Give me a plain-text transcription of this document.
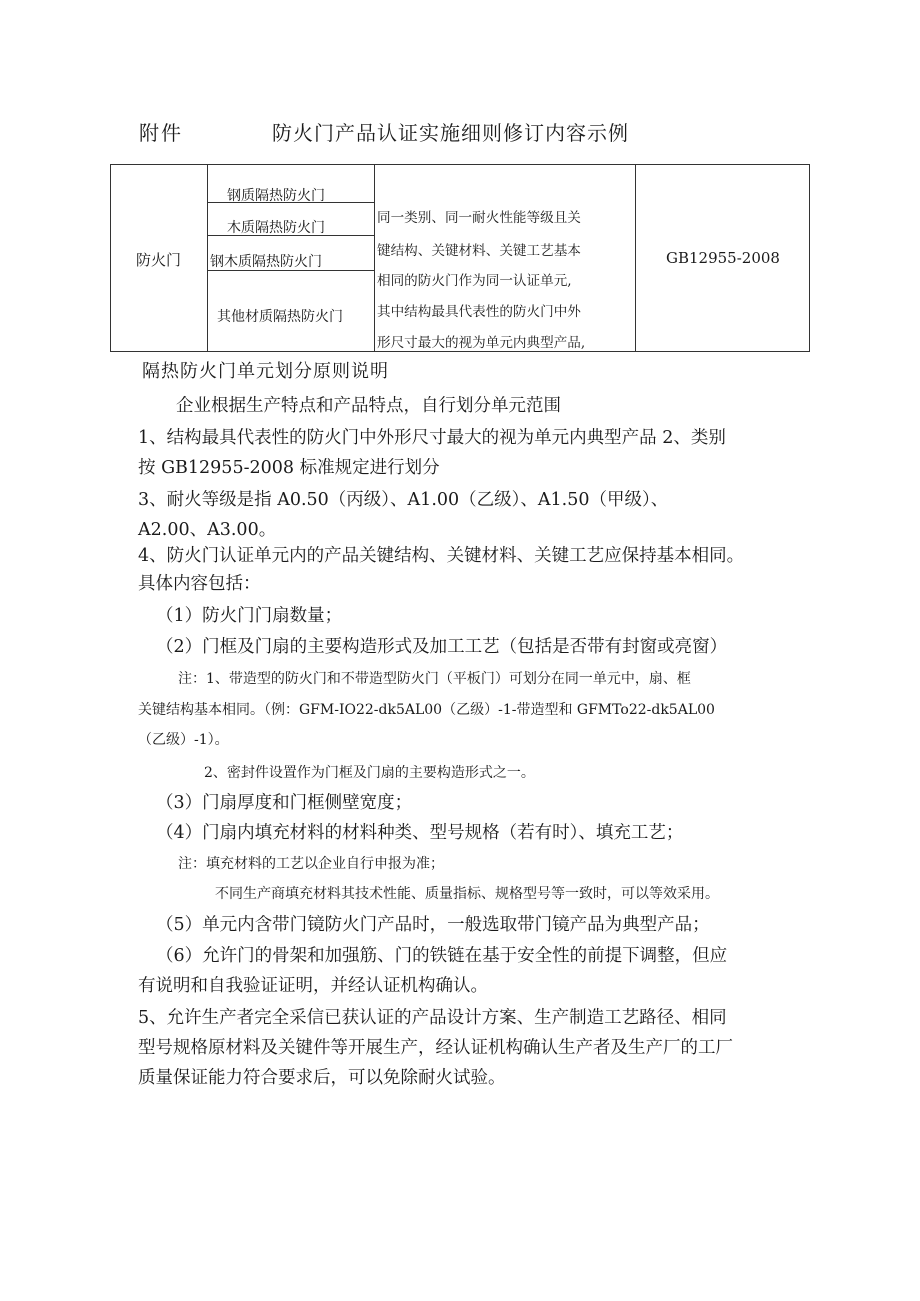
附件	防火门产品认证实施细则修订内容示例
防火门
钢质隔热防火门
木质隔热防火门
钢木质隔热防火门
其他材质隔热防火门
同一类别、同一耐火性能等级且关
键结构、关键材料、关键工艺基本
相同的防火门作为同一认证单元,
其中结构最具代表性的防火门中外
形尺寸最大的视为单元内典型产品,
GB12955-2008
隔热防火门单元划分原则说明
企业根据生产特点和产品特点，自行划分单元范围
1、结构最具代表性的防火门中外形尺寸最大的视为单元内典型产品 2、类别
按 GB12955-2008 标准规定进行划分
3、耐火等级是指 A0.50（丙级）、A1.00（乙级）、A1.50（甲级）、
A2.00、A3.00。
4、防火门认证单元内的产品关键结构、关键材料、关键工艺应保持基本相同。
具体内容包括：
（1）防火门门扇数量；
（2）门框及门扇的主要构造形式及加工工艺（包括是否带有封窗或亮窗）
注：1、带造型的防火门和不带造型防火门（平板门）可划分在同一单元中，扇、框
关键结构基本相同。（例：GFM-IO22-dk5AL00（乙级）-1-带造型和 GFMTo22-dk5AL00
（乙级）-1）。
2、密封件设置作为门框及门扇的主要构造形式之一。
（3）门扇厚度和门框侧壁宽度；
（4）门扇内填充材料的材料种类、型号规格（若有时）、填充工艺；
注：填充材料的工艺以企业自行申报为准；
不同生产商填充材料其技术性能、质量指标、规格型号等一致时，可以等效采用。
（5）单元内含带门镜防火门产品时，一般选取带门镜产品为典型产品；
（6）允许门的骨架和加强筋、门的铁链在基于安全性的前提下调整，但应
有说明和自我验证证明，并经认证机构确认。
5、允许生产者完全采信已获认证的产品设计方案、生产制造工艺路径、相同
型号规格原材料及关键件等开展生产，经认证机构确认生产者及生产厂的工厂
质量保证能力符合要求后，可以免除耐火试验。
